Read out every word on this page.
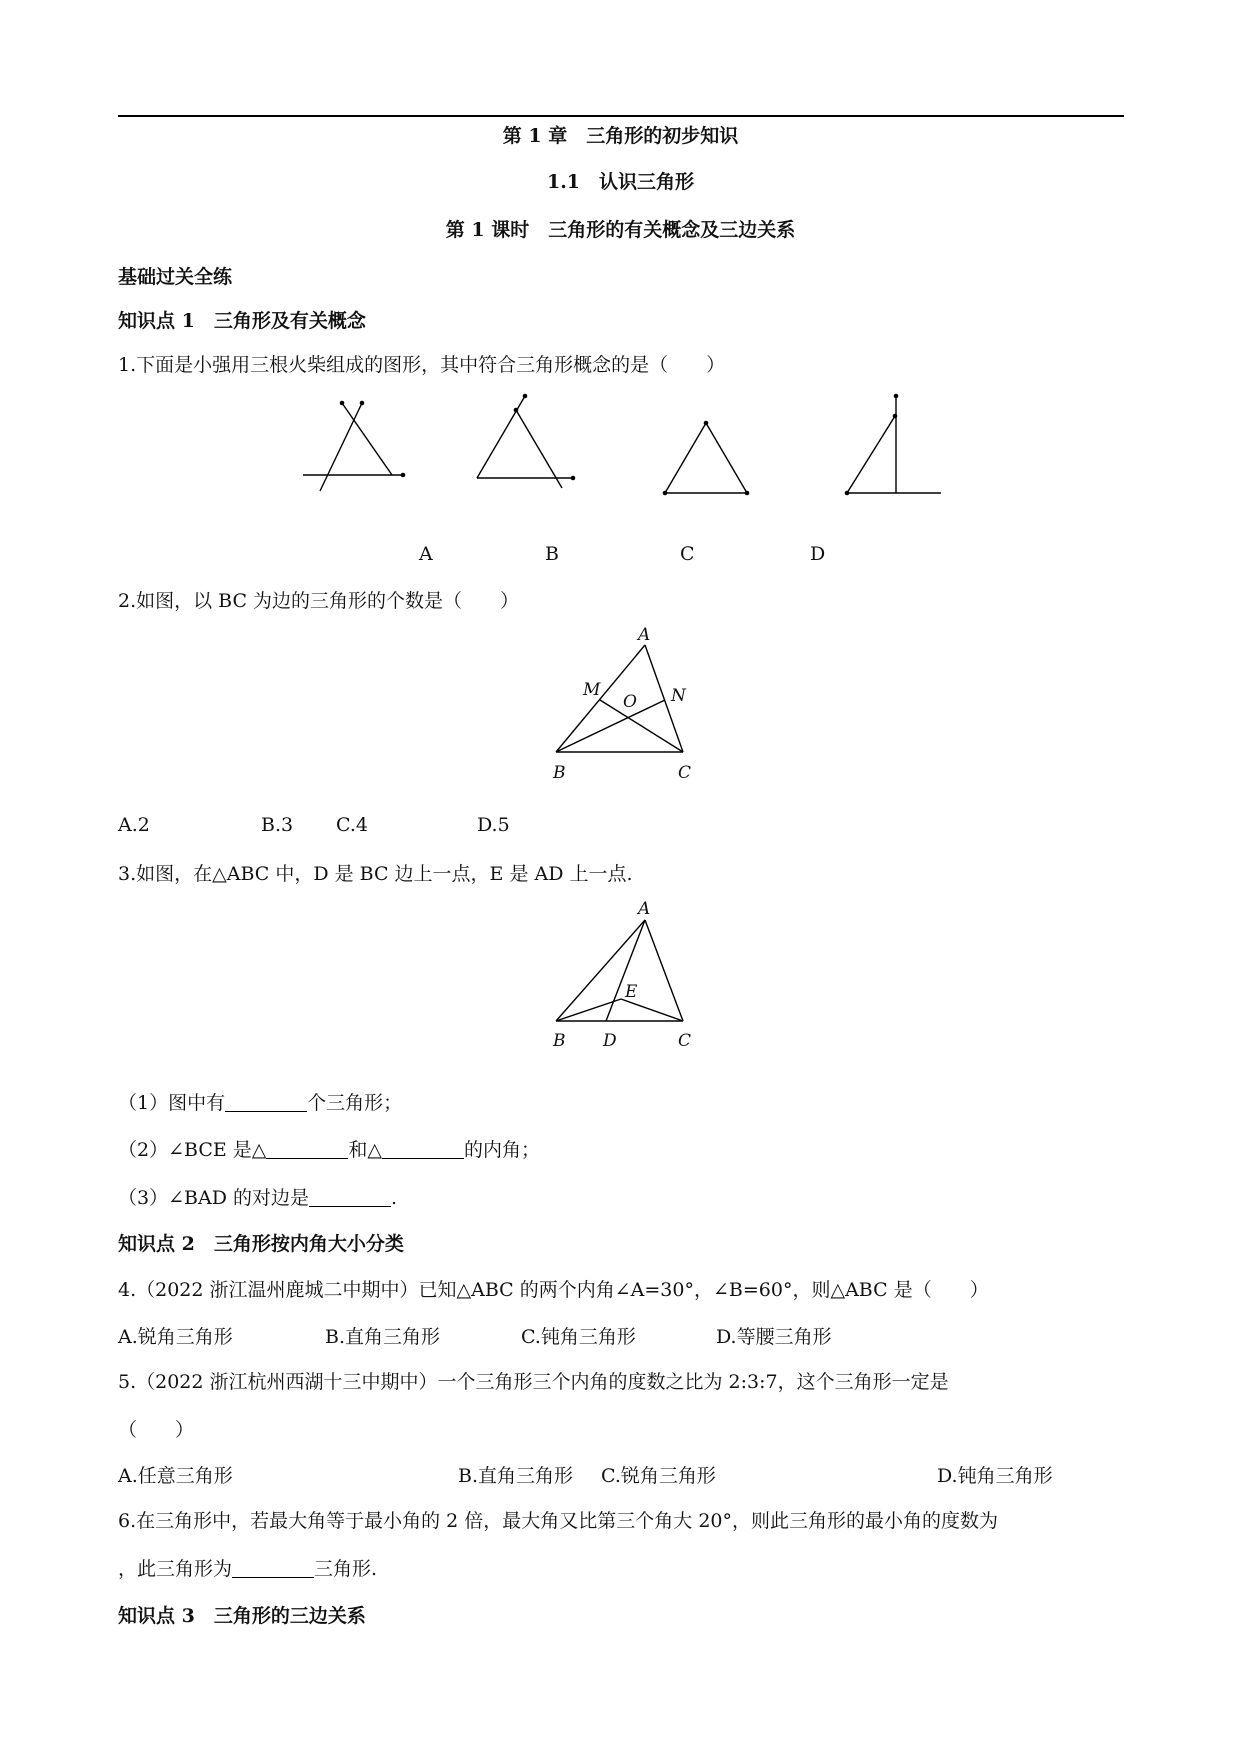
第 1 章　三角形的初步知识
1.1　认识三角形
第 1 课时　三角形的有关概念及三边关系
基础过关全练
知识点 1　三角形及有关概念
1.下面是小强用三根火柴组成的图形，其中符合三角形概念的是（　　）
A	B	C	D
2.如图，以 BC 为边的三角形的个数是（　　）
A
B	C
M	N
O
A.2	B.3 C.4	D.5
3.如图，在△ABC 中，D 是 BC 边上一点，E 是 AD 上一点.
A
B D	C
E
（1）图中有	个三角形；
（2）∠BCE 是△	和△	的内角；
（3）∠BAD 的对边是	.
知识点 2　三角形按内角大小分类
4.（2022 浙江温州鹿城二中期中）已知△ABC 的两个内角∠A=30°，∠B=60°，则△ABC 是（　　）
A.锐角三角形	B.直角三角形	C.钝角三角形	D.等腰三角形
5.（2022 浙江杭州西湖十三中期中）一个三角形三个内角的度数之比为 2:3:7，这个三角形一定是
（　　）
A.任意三角形	B.直角三角形 C.锐角三角形	D.钝角三角形
6.在三角形中，若最大角等于最小角的 2 倍，最大角又比第三个角大 20°，则此三角形的最小角的度数为
，此三角形为	三角形.
知识点 3　三角形的三边关系
